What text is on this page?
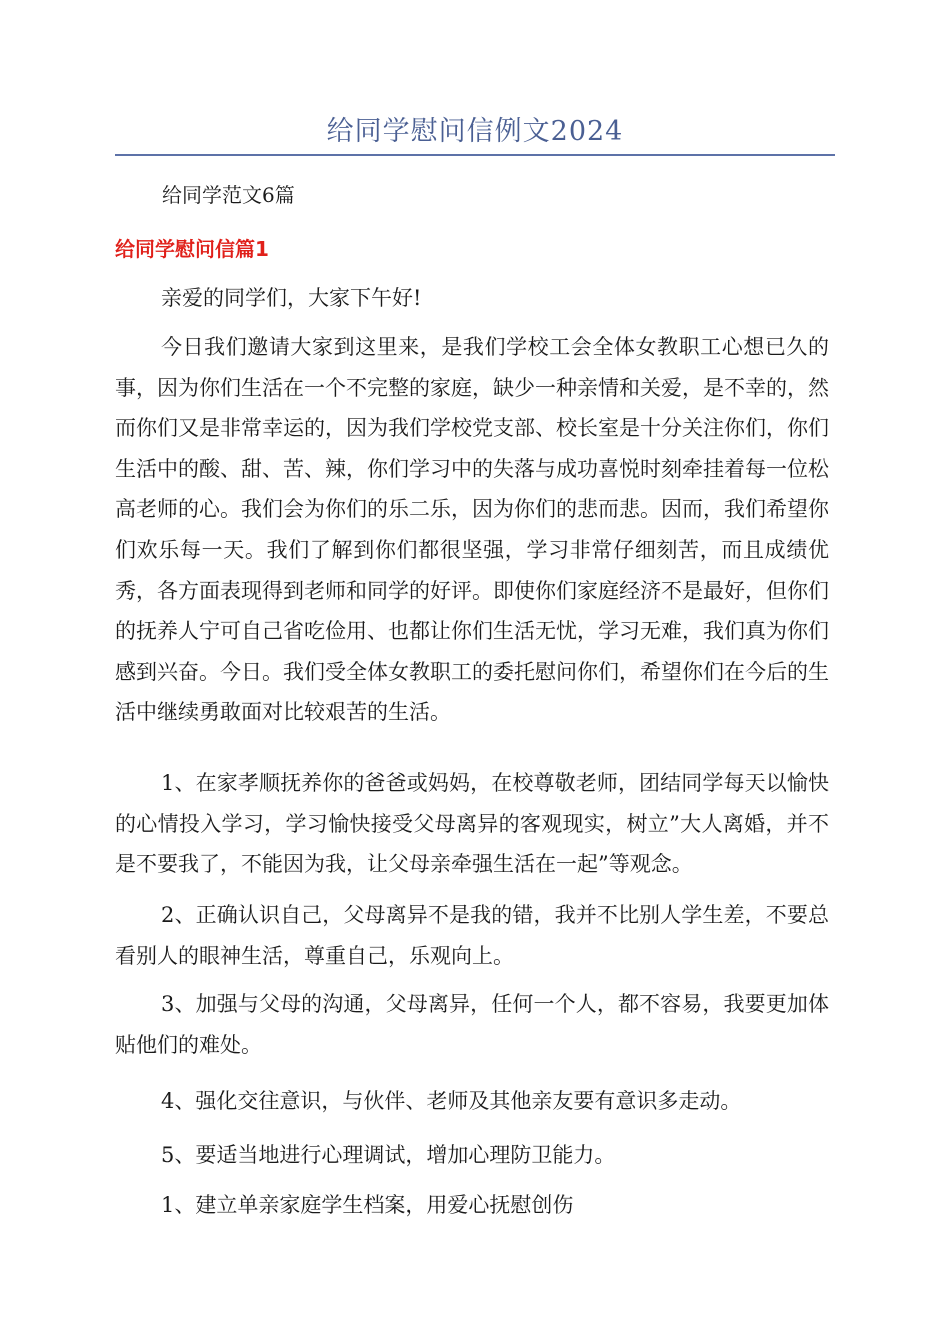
给同学慰问信例文2024

给同学范文6篇

给同学慰问信篇1

亲爱的同学们，大家下午好!

今日我们邀请大家到这里来，是我们学校工会全体女教职工心想已久的事，因为你们生活在一个不完整的家庭，缺少一种亲情和关爱，是不幸的，然而你们又是非常幸运的，因为我们学校党支部、校长室是十分关注你们，你们生活中的酸、甜、苦、辣，你们学习中的失落与成功喜悦时刻牵挂着每一位松高老师的心。我们会为你们的乐二乐，因为你们的悲而悲。因而，我们希望你们欢乐每一天。我们了解到你们都很坚强，学习非常仔细刻苦，而且成绩优秀，各方面表现得到老师和同学的好评。即使你们家庭经济不是最好，但你们的抚养人宁可自己省吃俭用、也都让你们生活无忧，学习无难，我们真为你们感到兴奋。今日。我们受全体女教职工的委托慰问你们，希望你们在今后的生活中继续勇敢面对比较艰苦的生活。

1、在家孝顺抚养你的爸爸或妈妈，在校尊敬老师，团结同学每天以愉快的心情投入学习，学习愉快接受父母离异的客观现实，树立”大人离婚，并不是不要我了，不能因为我，让父母亲牵强生活在一起”等观念。

2、正确认识自己，父母离异不是我的错，我并不比别人学生差，不要总看别人的眼神生活，尊重自己，乐观向上。

3、加强与父母的沟通，父母离异，任何一个人，都不容易，我要更加体贴他们的难处。

4、强化交往意识，与伙伴、老师及其他亲友要有意识多走动。

5、要适当地进行心理调试，增加心理防卫能力。

1、建立单亲家庭学生档案，用爱心抚慰创伤
